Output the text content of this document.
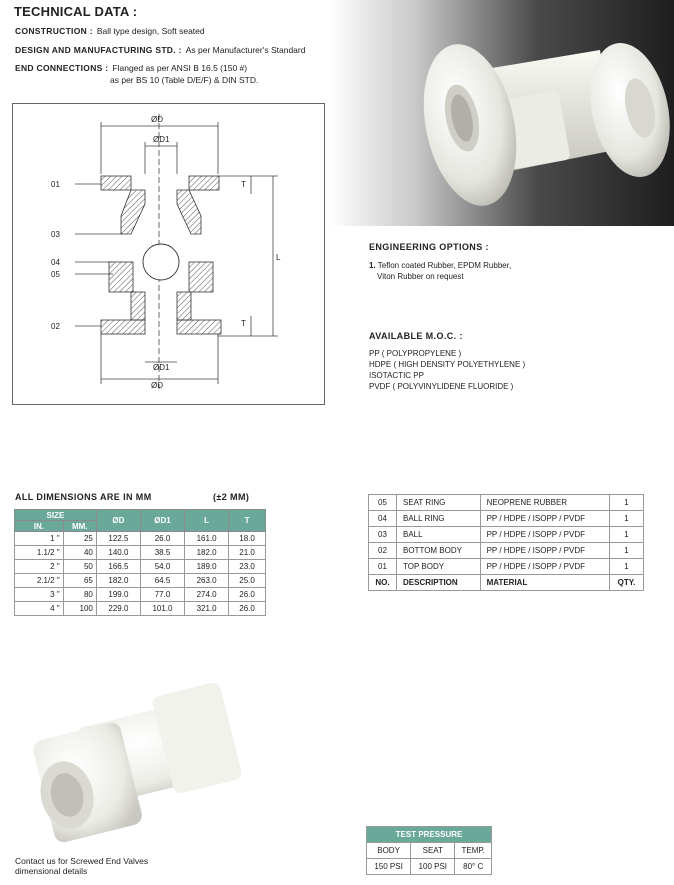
TECHNICAL DATA :
CONSTRUCTION : Ball type design, Soft seated
DESIGN AND MANUFACTURING STD. : As per Manufacturer's Standard
END CONNECTIONS : Flanged as per ANSI B 16.5 (150 #)
as per BS 10 (Table D/E/F) & DIN STD.
ØD
ØD1
T
L
T
ØD1
ØD
01
03
04
05
02
ENGINEERING OPTIONS :
1. Teflon coated Rubber, EPDM Rubber,
Viton Rubber on request
AVAILABLE M.O.C. :
PP ( POLYPROPYLENE )
HDPE ( HIGH DENSITY POLYETHYLENE )
ISOTACTIC PP
PVDF ( POLYVINYLIDENE FLUORIDE )
ALL DIMENSIONS ARE IN MM	(±2 MM)
SIZE		ØD	ØD1	L	T
IN.	MM.				
1 "	25	122.5	26.0	161.0	18.0
1.1/2 "	40	140.0	38.5	182.0	21.0
2 "	50	166.5	54.0	189.0	23.0
2.1/2 "	65	182.0	64.5	263.0	25.0
3 "	80	199.0	77.0	274.0	26.0
4 "	100	229.0	101.0	321.0	26.0
05	SEAT RING	NEOPRENE RUBBER	1
04	BALL RING	PP / HDPE / ISOPP / PVDF	1
03	BALL	PP / HDPE / ISOPP / PVDF	1
02	BOTTOM BODY	PP / HDPE / ISOPP / PVDF	1
01	TOP BODY	PP / HDPE / ISOPP / PVDF	1
NO.	DESCRIPTION	MATERIAL	QTY.
TEST PRESSURE		
BODY	SEAT	TEMP.
150 PSI	100 PSI	80° C
Contact us for Screwed End Valves
dimensional details
